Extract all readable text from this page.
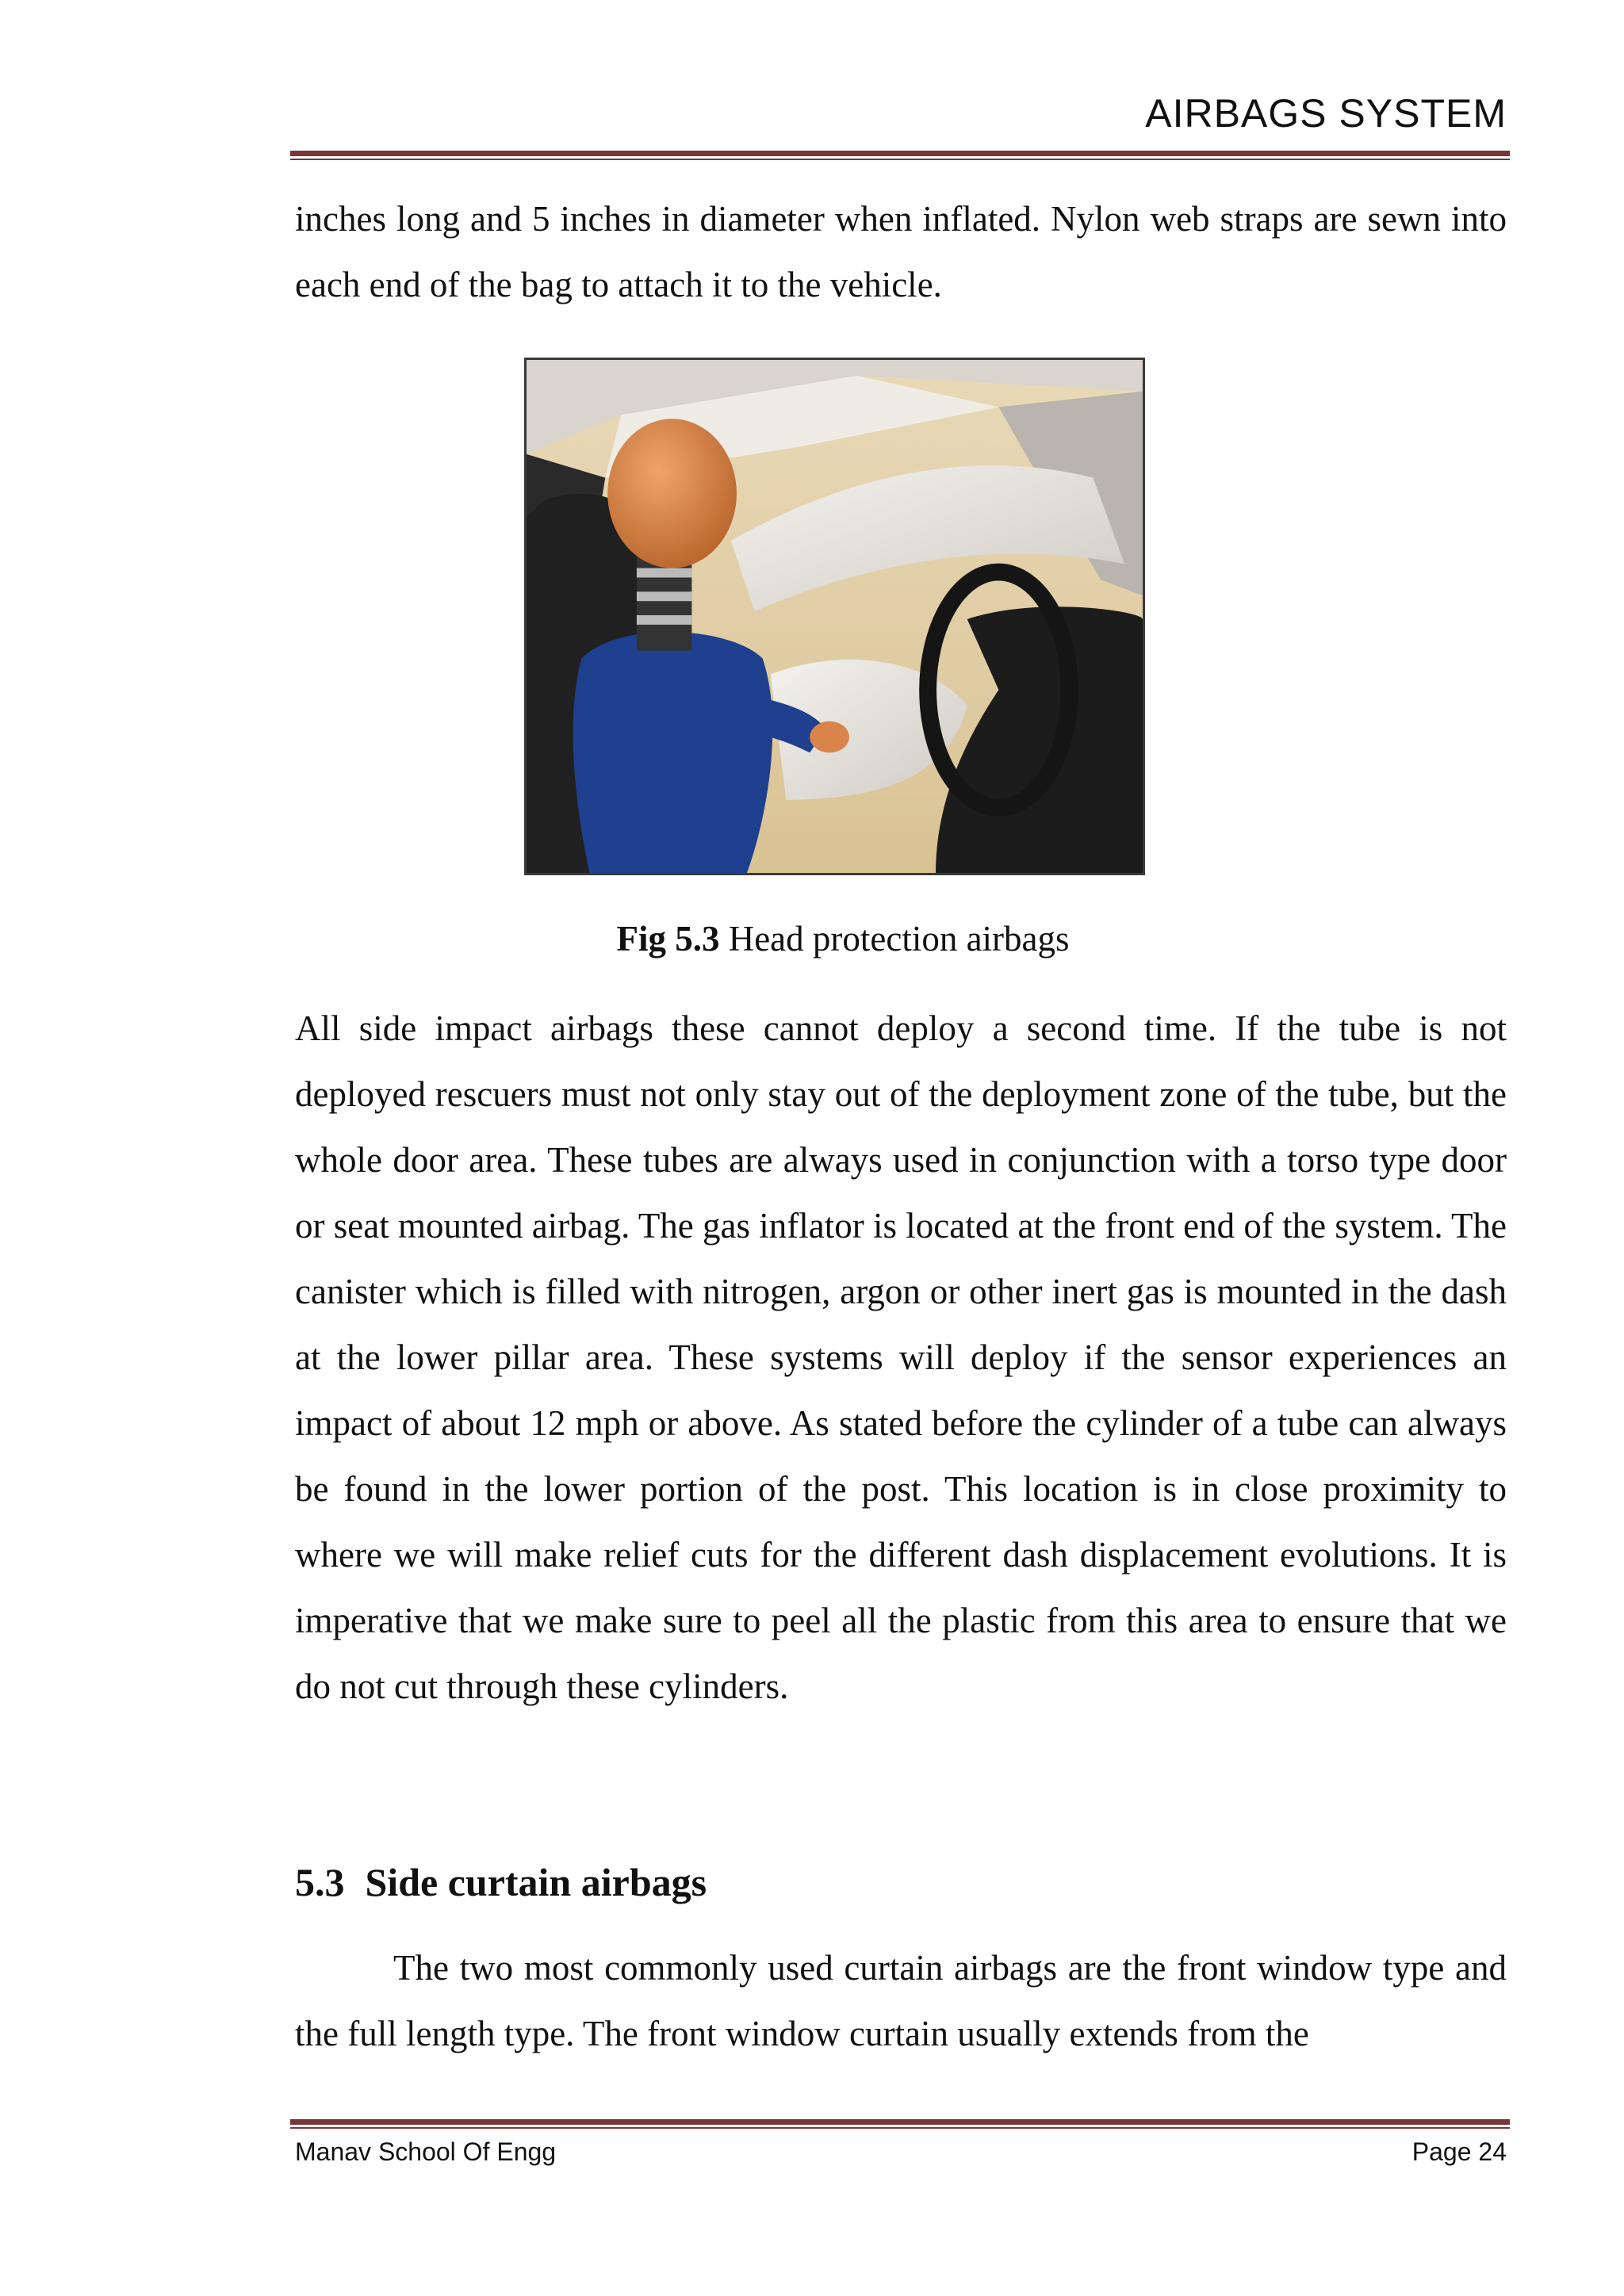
AIRBAGS SYSTEM

inches long and 5 inches in diameter when inflated. Nylon web straps are sewn into each end of the bag to attach it to the vehicle.

Fig 5.3 Head protection airbags

All side impact airbags these cannot deploy a second time. If the tube is not deployed rescuers must not only stay out of the deployment zone of the tube, but the whole door area. These tubes are always used in conjunction with a torso type door or seat mounted airbag. The gas inflator is located at the front end of the system. The canister which is filled with nitrogen, argon or other inert gas is mounted in the dash at the lower pillar area. These systems will deploy if the sensor experiences an impact of about 12 mph or above. As stated before the cylinder of a tube can always be found in the lower portion of the post. This location is in close proximity to where we will make relief cuts for the different dash displacement evolutions. It is imperative that we make sure to peel all the plastic from this area to ensure that we do not cut through these cylinders.

5.3 Side curtain airbags

The two most commonly used curtain airbags are the front window type and the full length type. The front window curtain usually extends from the

Manav School Of Engg	Page 24
